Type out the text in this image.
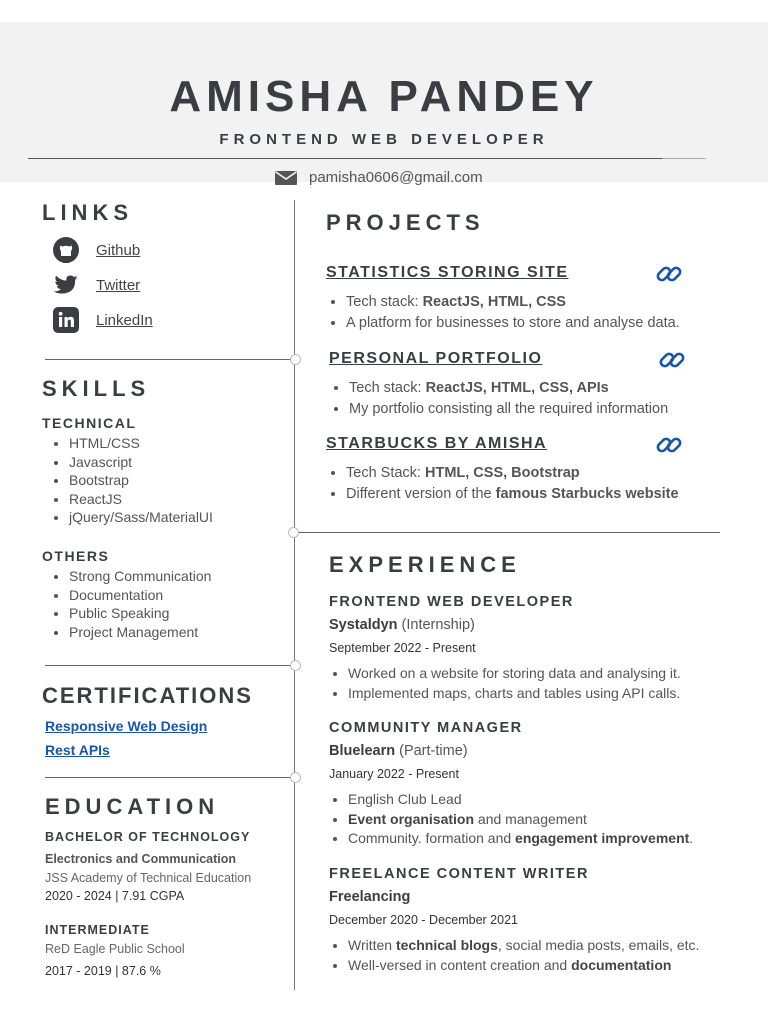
AMISHA PANDEY
FRONTEND WEB DEVELOPER
pamisha0606@gmail.com
LINKS
Github
Twitter
LinkedIn
SKILLS
TECHNICAL
• HTML/CSS
• Javascript
• Bootstrap
• ReactJS
• jQuery/Sass/MaterialUI
OTHERS
• Strong Communication
• Documentation
• Public Speaking
• Project Management
CERTIFICATIONS
Responsive Web Design
Rest APIs
EDUCATION
BACHELOR OF TECHNOLOGY
Electronics and Communication
JSS Academy of Technical Education
2020 - 2024 | 7.91 CGPA
INTERMEDIATE
ReD Eagle Public School
2017 - 2019 | 87.6 %
PROJECTS
STATISTICS STORING SITE
• Tech stack: ReactJS, HTML, CSS
• A platform for businesses to store and analyse data.
PERSONAL PORTFOLIO
• Tech stack: ReactJS, HTML, CSS, APIs
• My portfolio consisting all the required information
STARBUCKS BY AMISHA
• Tech Stack: HTML, CSS, Bootstrap
• Different version of the famous Starbucks website
EXPERIENCE
FRONTEND WEB DEVELOPER
Systaldyn (Internship)
September 2022 - Present
• Worked on a website for storing data and analysing it.
• Implemented maps, charts and tables using API calls.
COMMUNITY MANAGER
Bluelearn (Part-time)
January 2022 - Present
• English Club Lead
• Event organisation and management
• Community. formation and engagement improvement.
FREELANCE CONTENT WRITER
Freelancing
December 2020 - December 2021
• Written technical blogs, social media posts, emails, etc.
• Well-versed in content creation and documentation
